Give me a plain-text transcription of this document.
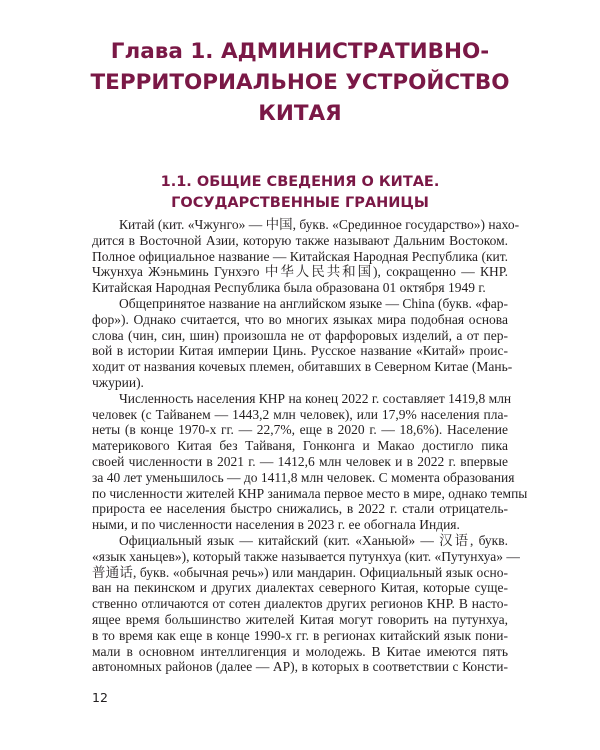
Глава 1. АДМИНИСТРАТИВНО-
ТЕРРИТОРИАЛЬНОЕ УСТРОЙСТВО
КИТАЯ
1.1. ОБЩИЕ СВЕДЕНИЯ О КИТАЕ.
ГОСУДАРСТВЕННЫЕ ГРАНИЦЫ
Китай (кит. «Чжунго» — 中国, букв. «Срединное государство») нахо-
дится в Восточной Азии, которую также называют Дальним Востоком.
Полное официальное название — Китайская Народная Республика (кит.
Чжунхуа Жэньминь Гунхэго 中华人民共和国), сокращенно — КНР.
Китайская Народная Республика была образована 01 октября 1949 г.
Общепринятое название на английском языке — China (букв. «фар-
фор»). Однако считается, что во многих языках мира подобная основа
слова (чин, син, шин) произошла не от фарфоровых изделий, а от пер-
вой в истории Китая империи Цинь. Русское название «Китай» проис-
ходит от названия кочевых племен, обитавших в Северном Китае (Мань-
чжурии).
Численность населения КНР на конец 2022 г. составляет 1419,8 млн
человек (с Тайванем — 1443,2 млн человек), или 17,9% населения пла-
неты (в конце 1970-х гг. — 22,7%, еще в 2020 г. — 18,6%). Население
материкового Китая без Тайваня, Гонконга и Макао достигло пика
своей численности в 2021 г. — 1412,6 млн человек и в 2022 г. впервые
за 40 лет уменьшилось — до 1411,8 млн человек. С момента образования
по численности жителей КНР занимала первое место в мире, однако темпы
прироста ее населения быстро снижались, в 2022 г. стали отрицатель-
ными, и по численности населения в 2023 г. ее обогнала Индия.
Официальный язык — китайский (кит. «Ханьюй» — 汉语, букв.
«язык ханьцев»), который также называется путунхуа (кит. «Путунхуа» —
普通话, букв. «обычная речь») или мандарин. Официальный язык осно-
ван на пекинском и других диалектах северного Китая, которые суще-
ственно отличаются от сотен диалектов других регионов КНР. В насто-
ящее время большинство жителей Китая могут говорить на путунхуа,
в то время как еще в конце 1990-х гг. в регионах китайский язык пони-
мали в основном интеллигенция и молодежь. В Китае имеются пять
автономных районов (далее — АР), в которых в соответствии с Консти-
12
